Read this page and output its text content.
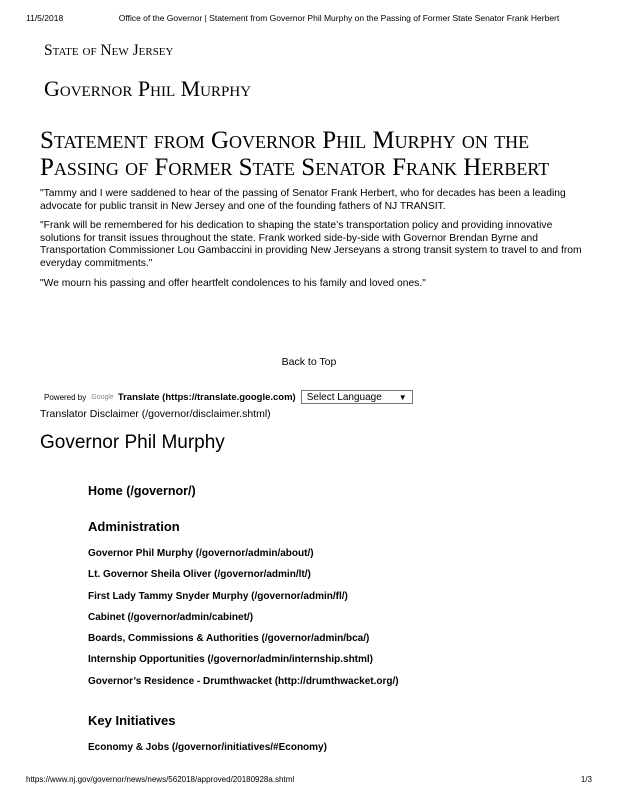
11/5/2018	Office of the Governor | Statement from Governor Phil Murphy on the Passing of Former State Senator Frank Herbert
State of New Jersey
Governor Phil Murphy
Statement from Governor Phil Murphy on the
Passing of Former State Senator Frank Herbert

"Tammy and I were saddened to hear of the passing of Senator Frank Herbert, who for decades has been a leading advocate for public transit in New Jersey and one of the founding fathers of NJ TRANSIT.

"Frank will be remembered for his dedication to shaping the state’s transportation policy and providing innovative solutions for transit issues throughout the state. Frank worked side-by-side with Governor Brendan Byrne and Transportation Commissioner Lou Gambaccini in providing New Jerseyans a strong transit system to travel to and from everyday commitments."

"We mourn his passing and offer heartfelt condolences to his family and loved ones."

Back to Top
Powered by Google Translate (https://translate.google.com) Select Language ▼
Translator Disclaimer (/governor/disclaimer.shtml)
Governor Phil Murphy
Home (/governor/)
Administration
Governor Phil Murphy (/governor/admin/about/)
Lt. Governor Sheila Oliver (/governor/admin/lt/)
First Lady Tammy Snyder Murphy (/governor/admin/fl/)
Cabinet (/governor/admin/cabinet/)
Boards, Commissions & Authorities (/governor/admin/bca/)
Internship Opportunities (/governor/admin/internship.shtml)
Governor’s Residence - Drumthwacket (http://drumthwacket.org/)
Key Initiatives
Economy & Jobs (/governor/initiatives/#Economy)
https://www.nj.gov/governor/news/news/562018/approved/20180928a.shtml	1/3
